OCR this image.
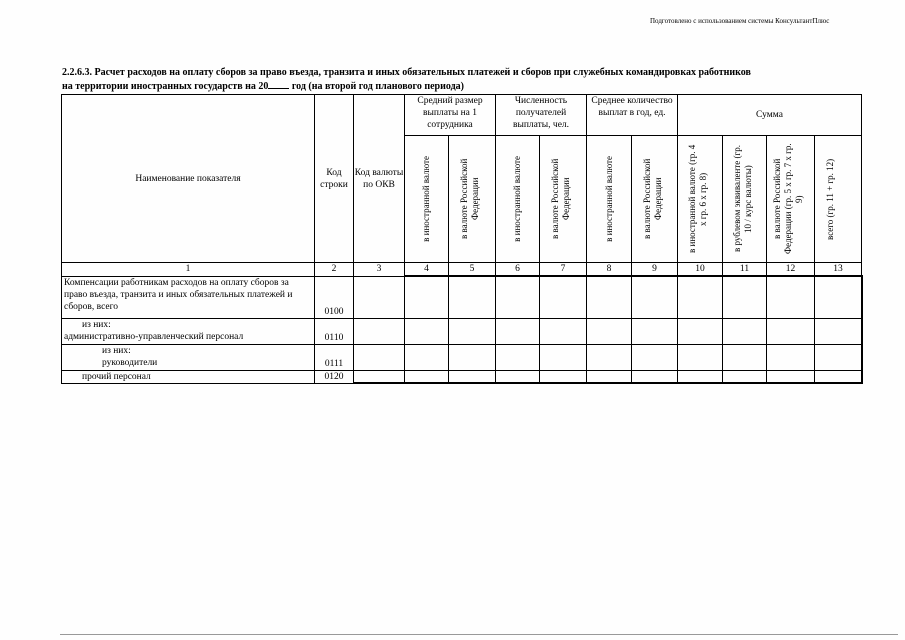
Подготовлено с использованием системы КонсультантПлюс
2.2.6.3. Расчет расходов на оплату сборов за право въезда, транзита и иных обязательных платежей и сборов при служебных командировках работников
на территории иностранных государств на 20 год (на второй год планового периода)
Наименование показателя	Код строки	Код валюты по ОКВ	Средний размер выплаты на 1 сотрудника		Численность получателей выплаты, чел.		Среднее количество выплат в год, ед.		Сумма			

			в иностранной валюте	в валюте Российской Федерации	в иностранной валюте	в валюте Российской Федерации	в иностранной валюте	в валюте Российской Федерации	в иностранной валюте (гр. 4 x гр. 6 x гр. 8)	в рублевом эквиваленте (гр. 10 / курс валюты)	в валюте Российской Федерации (гр. 5 x гр. 7 x гр. 9)	всего (гр. 11 + гр. 12)

1	2	3	4	5	6	7	8	9	10	11	12	13
Компенсации работникам расходов на оплату сборов за право въезда, транзита и иных обязательных платежей и сборов, всего	0100											

из них:
административно-управленческий персонал	0110											

из них:
руководители	0111											

прочий персонал	0120											
